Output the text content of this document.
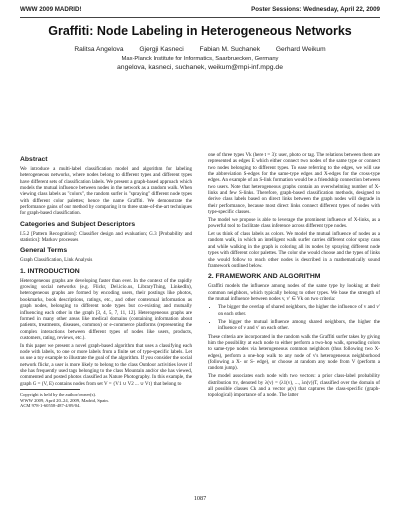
WWW 2009 MADRID!	Poster Sessions: Wednesday, April 22, 2009
Graffiti: Node Labeling in Heterogeneous Networks
Ralitsa Angelova Gjergji Kasneci Fabian M. Suchanek Gerhard Weikum
Max-Planck Institute for Informatics, Saarbruecken, Germany
angelova, kasneci, suchanek, weikum@mpi-inf.mpg.de
Abstract

We introduce a multi-label classification model and algorithm for labeling heterogeneous networks, where nodes belong to different types and different types have different sets of classification labels. We present a graph-based approach which models the mutual influence between nodes in the network as a random walk. When viewing class labels as "colors", the random surfer is "spraying" different node types with different color palettes; hence the name Graffiti. We demonstrate the performance gains of our method by comparing it to three state-of-the-art techniques for graph-based classification.

Categories and Subject Descriptors

I.5.2 [Pattern Recognition]: Classifier design and evaluation; G.3 [Probability and statistics]: Markov processes

General Terms

Graph Classification, Link Analysis

1. INTRODUCTION

Heterogeneous graphs are developing faster than ever. In the context of the rapidly growing social networks (e.g. Flickr, Del.icio.us, LibraryThing, LinkedIn), heterogeneous graphs are formed by encoding users, their postings like photos, bookmarks, book descriptions, ratings, etc., and other contextual information as graph nodes, belonging to different node types but co-existing and mutually influencing each other in the graph [3, 4, 5, 7, 11, 12]. Heterogeneous graphs are formed in many other areas like medical domains (containing information about patients, treatments, diseases, common) or e-commerce platforms (representing the complex interactions between different types of nodes like users, products, customers, rating, reviews, etc.).

In this paper we present a novel graph-based algorithm that uses a classifying each node with labels, to one or more labels from a finite set of type-specific labels. Let us use a toy example to illustrate the goal of the algorithm. If you consider the social network flickr, a user is more likely to belong to the class Outdoor activities lover if she has frequently used tags belonging to the class Mountain and/or she has viewed, commented and posted photos classified as Nature Photography. In this example, the graph G = (V, E) contains nodes from set V = {V1 ∪ V2 ... ∪ Vt} that belong to

one of three types Vk (here t = 3): user, photo or tag. The relations between them are represented as edges E which either connect two nodes of the same type or connect two nodes belonging to different types. To ease referring to the edges, we will use the abbreviation S-edges for the same-type edges and X-edges for the cross-type edges. An example of an S-link formation would be a friendship connection between two users. Note that heterogeneous graphs contain an overwhelming number of X-links and few S-links. Therefore, graph-based classification methods, designed to derive class labels based on direct links between the graph nodes will degrade in their performance, because most direct links connect different types of nodes with type-specific classes.

The model we propose is able to leverage the prominent influence of X-links, as a powerful tool to facilitate class inference across different type nodes.

Let us think of class labels as colors. We model the mutual influence of nodes as a random walk, in which an intelligent walk surfer carries different color spray cans and while walking in the graph is coloring all its nodes by spraying different node types with different color palettes. The color she would choose and the types of links she would follow to reach other nodes is described in a mathematically sound framework outlined below.

2. FRAMEWORK AND ALGORITHM

Graffiti models the influence among nodes of the same type by looking at their common neighbors, which typically belong to other types. We base the strength of the mutual influence between nodes v, v′ ∈ Vk on two criteria:

• The bigger the overlap of shared neighbors, the higher the influence of v and v′ on each other.
• The bigger the mutual influence among shared neighbors, the higher the influence of v and v′ on each other.

These criteria are incorporated in the random walk the Graffiti surfer takes by giving him the possibility at each node to either perform a two-hop walk, spreading colors to same-type nodes via heterogeneous common neighbors (thus following two X-edges), perform a one-hop walk to any node of v's heterogeneous neighborhood (following a X- or S- edge), or choose at random any node from V (perform a random jump).

The model associates each node with two vectors: a prior class-label probability distribution πv, denoted by λ(v) = (λ1(v), ..., λn(v))T, classified over the domain of all possible classes Ck and a vector μ(v) that captures the class-specific (graph-topological) importance of a node. The latter

1087
Copyright is held by the author/owner(s).
WWW 2009, April 20–24, 2009, Madrid, Spain.
ACM 978-1-60558-487-4/09/04.
